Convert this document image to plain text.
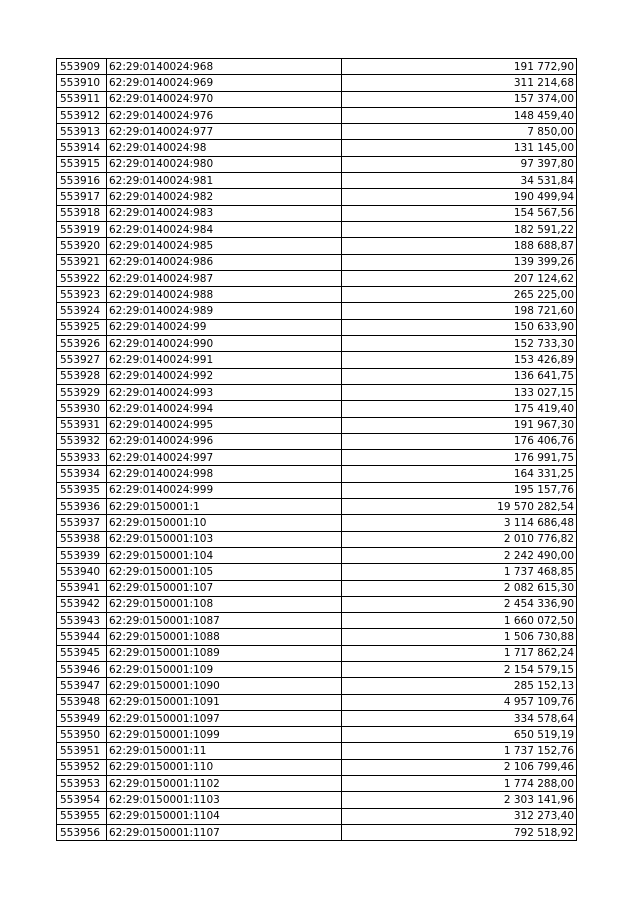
553909	62:29:0140024:968	191 772,90
553910	62:29:0140024:969	311 214,68
553911	62:29:0140024:970	157 374,00
553912	62:29:0140024:976	148 459,40
553913	62:29:0140024:977	7 850,00
553914	62:29:0140024:98	131 145,00
553915	62:29:0140024:980	97 397,80
553916	62:29:0140024:981	34 531,84
553917	62:29:0140024:982	190 499,94
553918	62:29:0140024:983	154 567,56
553919	62:29:0140024:984	182 591,22
553920	62:29:0140024:985	188 688,87
553921	62:29:0140024:986	139 399,26
553922	62:29:0140024:987	207 124,62
553923	62:29:0140024:988	265 225,00
553924	62:29:0140024:989	198 721,60
553925	62:29:0140024:99	150 633,90
553926	62:29:0140024:990	152 733,30
553927	62:29:0140024:991	153 426,89
553928	62:29:0140024:992	136 641,75
553929	62:29:0140024:993	133 027,15
553930	62:29:0140024:994	175 419,40
553931	62:29:0140024:995	191 967,30
553932	62:29:0140024:996	176 406,76
553933	62:29:0140024:997	176 991,75
553934	62:29:0140024:998	164 331,25
553935	62:29:0140024:999	195 157,76
553936	62:29:0150001:1	19 570 282,54
553937	62:29:0150001:10	3 114 686,48
553938	62:29:0150001:103	2 010 776,82
553939	62:29:0150001:104	2 242 490,00
553940	62:29:0150001:105	1 737 468,85
553941	62:29:0150001:107	2 082 615,30
553942	62:29:0150001:108	2 454 336,90
553943	62:29:0150001:1087	1 660 072,50
553944	62:29:0150001:1088	1 506 730,88
553945	62:29:0150001:1089	1 717 862,24
553946	62:29:0150001:109	2 154 579,15
553947	62:29:0150001:1090	285 152,13
553948	62:29:0150001:1091	4 957 109,76
553949	62:29:0150001:1097	334 578,64
553950	62:29:0150001:1099	650 519,19
553951	62:29:0150001:11	1 737 152,76
553952	62:29:0150001:110	2 106 799,46
553953	62:29:0150001:1102	1 774 288,00
553954	62:29:0150001:1103	2 303 141,96
553955	62:29:0150001:1104	312 273,40
553956	62:29:0150001:1107	792 518,92
